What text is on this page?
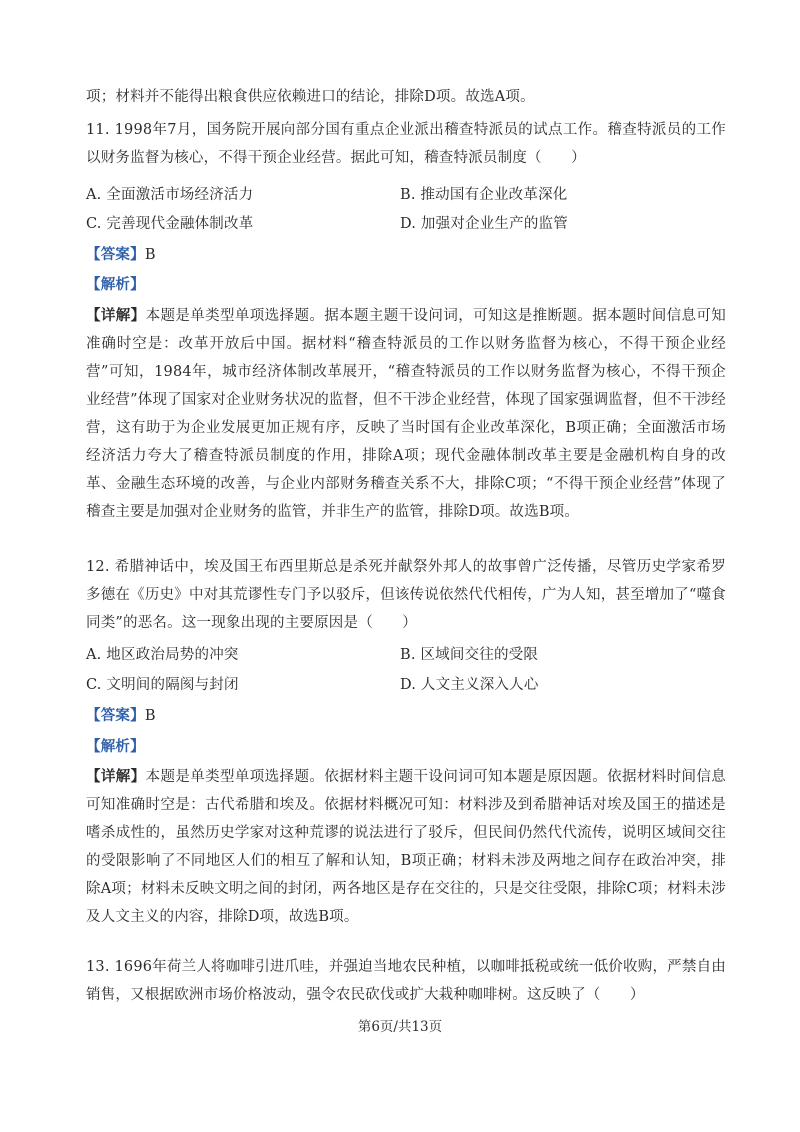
项；材料并不能得出粮食供应依赖进口的结论，排除D项。故选A项。
11. 1998年7月，国务院开展向部分国有重点企业派出稽查特派员的试点工作。稽查特派员的工作以财务监督为核心，不得干预企业经营。据此可知，稽查特派员制度（　　）
A. 全面激活市场经济活力	B. 推动国有企业改革深化
C. 完善现代金融体制改革	D. 加强对企业生产的监管
【答案】B
【解析】
【详解】本题是单类型单项选择题。据本题主题干设问词，可知这是推断题。据本题时间信息可知准确时空是：改革开放后中国。据材料“稽查特派员的工作以财务监督为核心，不得干预企业经营”可知，1984年，城市经济体制改革展开，“稽查特派员的工作以财务监督为核心，不得干预企业经营”体现了国家对企业财务状况的监督，但不干涉企业经营，体现了国家强调监督，但不干涉经营，这有助于为企业发展更加正规有序，反映了当时国有企业改革深化，B项正确；全面激活市场经济活力夸大了稽查特派员制度的作用，排除A项；现代金融体制改革主要是金融机构自身的改革、金融生态环境的改善，与企业内部财务稽查关系不大，排除C项；“不得干预企业经营”体现了稽查主要是加强对企业财务的监管，并非生产的监管，排除D项。故选B项。
12. 希腊神话中，埃及国王布西里斯总是杀死并献祭外邦人的故事曾广泛传播，尽管历史学家希罗多德在《历史》中对其荒谬性专门予以驳斥，但该传说依然代代相传，广为人知，甚至增加了“噬食同类”的恶名。这一现象出现的主要原因是（　　）
A. 地区政治局势的冲突	B. 区域间交往的受限
C. 文明间的隔阂与封闭	D. 人文主义深入人心
【答案】B
【解析】
【详解】本题是单类型单项选择题。依据材料主题干设问词可知本题是原因题。依据材料时间信息可知准确时空是：古代希腊和埃及。依据材料概况可知：材料涉及到希腊神话对埃及国王的描述是嗜杀成性的，虽然历史学家对这种荒谬的说法进行了驳斥，但民间仍然代代流传，说明区域间交往的受限影响了不同地区人们的相互了解和认知，B项正确；材料未涉及两地之间存在政治冲突，排除A项；材料未反映文明之间的封闭，两各地区是存在交往的，只是交往受限，排除C项；材料未涉及人文主义的内容，排除D项，故选B项。
13. 1696年荷兰人将咖啡引进爪哇，并强迫当地农民种植，以咖啡抵税或统一低价收购，严禁自由销售，又根据欧洲市场价格波动，强令农民砍伐或扩大栽种咖啡树。这反映了（　　）
第6页/共13页
